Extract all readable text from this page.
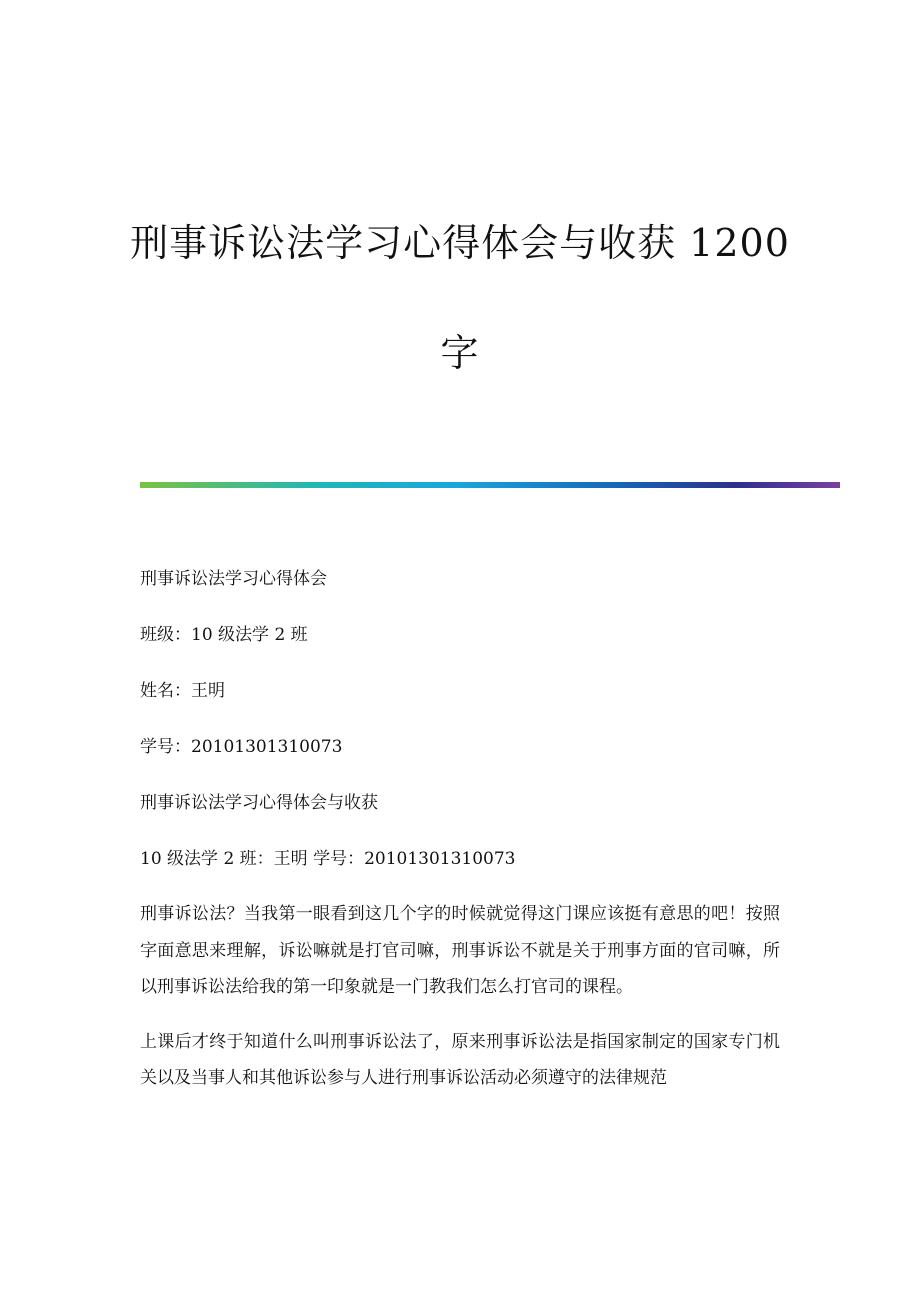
刑事诉讼法学习心得体会与收获 1200
字
刑事诉讼法学习心得体会
班级：10 级法学 2 班
姓名：王明
学号：20101301310073
刑事诉讼法学习心得体会与收获
10 级法学 2 班：王明 学号：20101301310073

刑事诉讼法？当我第一眼看到这几个字的时候就觉得这门课应该挺有意思的吧！按照字面意思来理解，诉讼嘛就是打官司嘛，刑事诉讼不就是关于刑事方面的官司嘛，所以刑事诉讼法给我的第一印象就是一门教我们怎么打官司的课程。

上课后才终于知道什么叫刑事诉讼法了，原来刑事诉讼法是指国家制定的国家专门机关以及当事人和其他诉讼参与人进行刑事诉讼活动必须遵守的法律规范
